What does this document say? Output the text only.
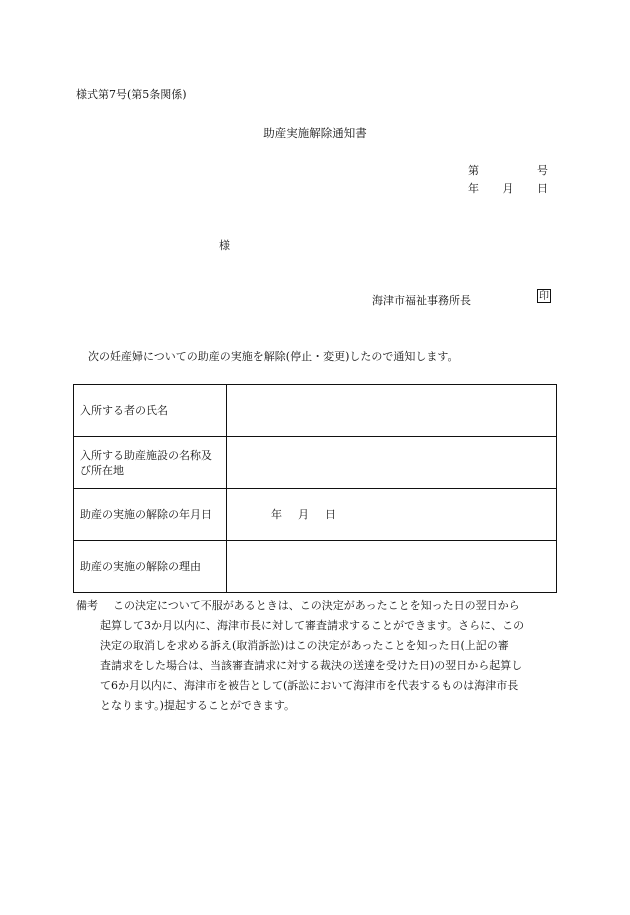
様式第7号(第5条関係)
助産実施解除通知書
第	号
年 月 日
様
海津市福祉事務所長	印
次の妊産婦についての助産の実施を解除(停止・変更)したので通知します。
入所する者の氏名	
入所する助産施設の名称及び所在地	
助産の実施の解除の年月日	年 月 日

助産の実施の解除の理由	
備考	この決定について不服があるときは、この決定があったことを知った日の翌日から
起算して3か月以内に、海津市長に対して審査請求することができます。さらに、この
決定の取消しを求める訴え(取消訴訟)はこの決定があったことを知った日(上記の審
査請求をした場合は、当該審査請求に対する裁決の送達を受けた日)の翌日から起算し
て6か月以内に、海津市を被告として(訴訟において海津市を代表するものは海津市長
となります。)提起することができます。
